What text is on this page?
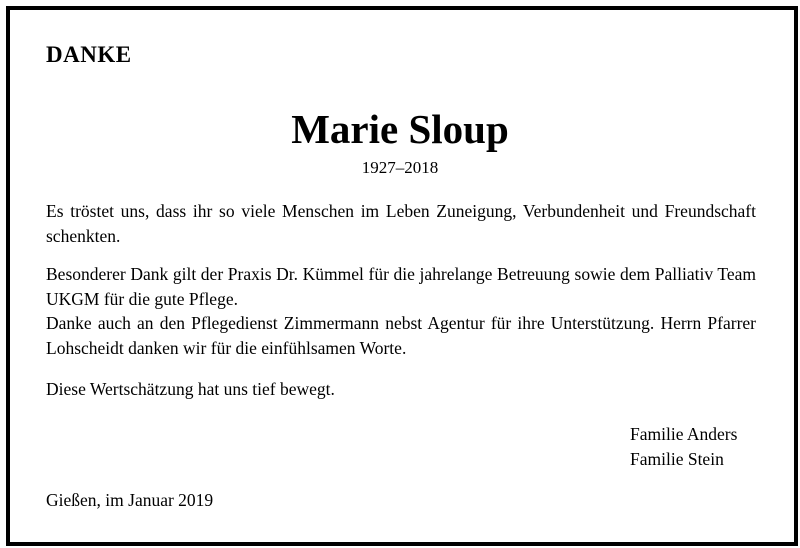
DANKE
Marie Sloup
1927–2018

Es tröstet uns, dass ihr so viele Menschen im Leben Zuneigung, Verbundenheit und Freundschaft schenkten.

Besonderer Dank gilt der Praxis Dr. Kümmel für die jahrelange Betreuung sowie dem Palliativ Team UKGM für die gute Pflege.

Danke auch an den Pflegedienst Zimmermann nebst Agentur für ihre Unterstützung. Herrn Pfarrer Lohscheidt danken wir für die einfühlsamen Worte.

Diese Wertschätzung hat uns tief bewegt.

Familie Anders
Familie Stein
Gießen, im Januar 2019
